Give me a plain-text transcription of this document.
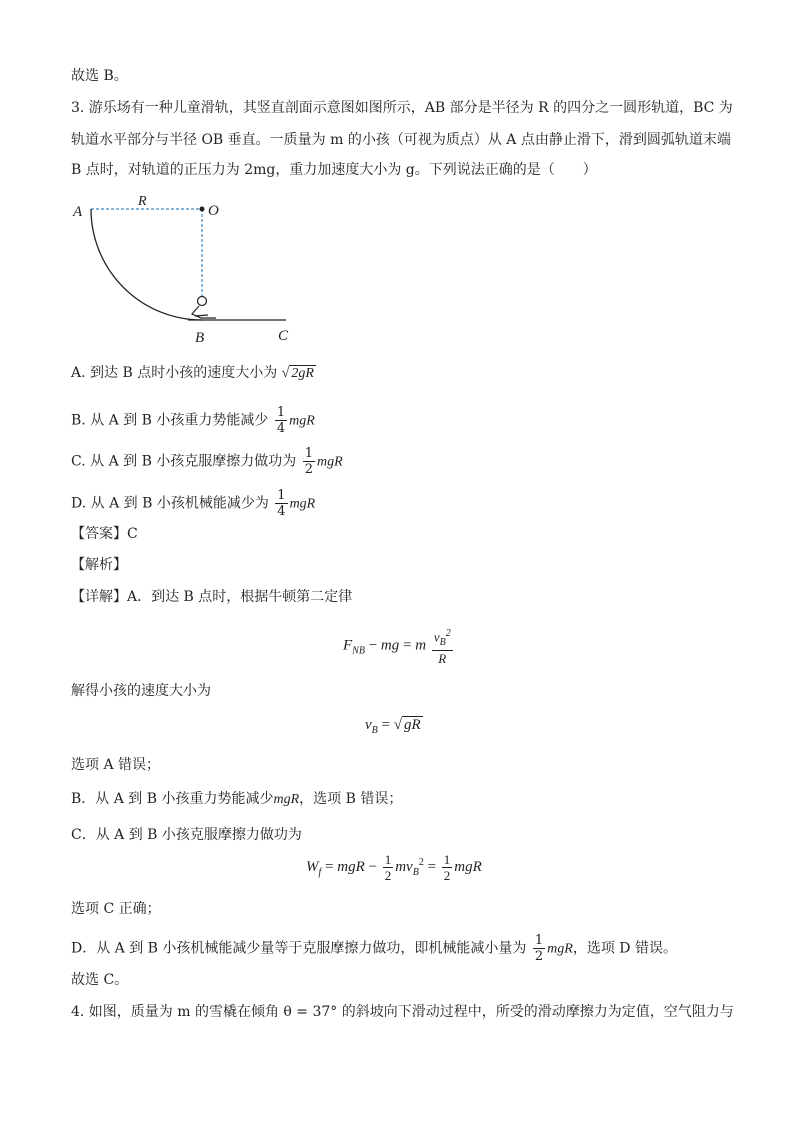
故选 B。
3. 游乐场有一种儿童滑轨，其竖直剖面示意图如图所示，AB 部分是半径为 R 的四分之一圆形轨道，BC 为
轨道水平部分与半径 OB 垂直。一质量为 m 的小孩（可视为质点）从 A 点由静止滑下，滑到圆弧轨道末端
B 点时，对轨道的正压力为 2mg，重力加速度大小为 g。下列说法正确的是（　　）
A
R
O
B	C
A. 到达 B 点时小孩的速度大小为 √ 2gR
B. 从 A 到 B 小孩重力势能减少 $\frac{1}{4}$ mgR
C. 从 A 到 B 小孩克服摩擦力做功为 $\frac{1}{2}$ mgR
D. 从 A 到 B 小孩机械能减少为 $\frac{1}{4}$ mgR
【答案】C
【解析】
【详解】A．到达 B 点时，根据牛顿第二定律
$F_{NB}$ − mg = m $\frac{v_B^2}{R}$
解得小孩的速度大小为
$v_B$ = √ gR
选项 A 错误；
B．从 A 到 B 小孩重力势能减少mgR，选项 B 错误；
C．从 A 到 B 小孩克服摩擦力做功为
$W_f$ = mgR − $\frac{1}{2} mv_B^2 = \frac{1}{2}$ mgR
选项 C 正确；
D．从 A 到 B 小孩机械能减少量等于克服摩擦力做功，即机械能减小量为 $\frac{1}{2}$ mgR，选项 D 错误。
故选 C。
4. 如图，质量为 m 的雪橇在倾角 θ = 37° 的斜坡向下滑动过程中，所受的滑动摩擦力为定值，空气阻力与
